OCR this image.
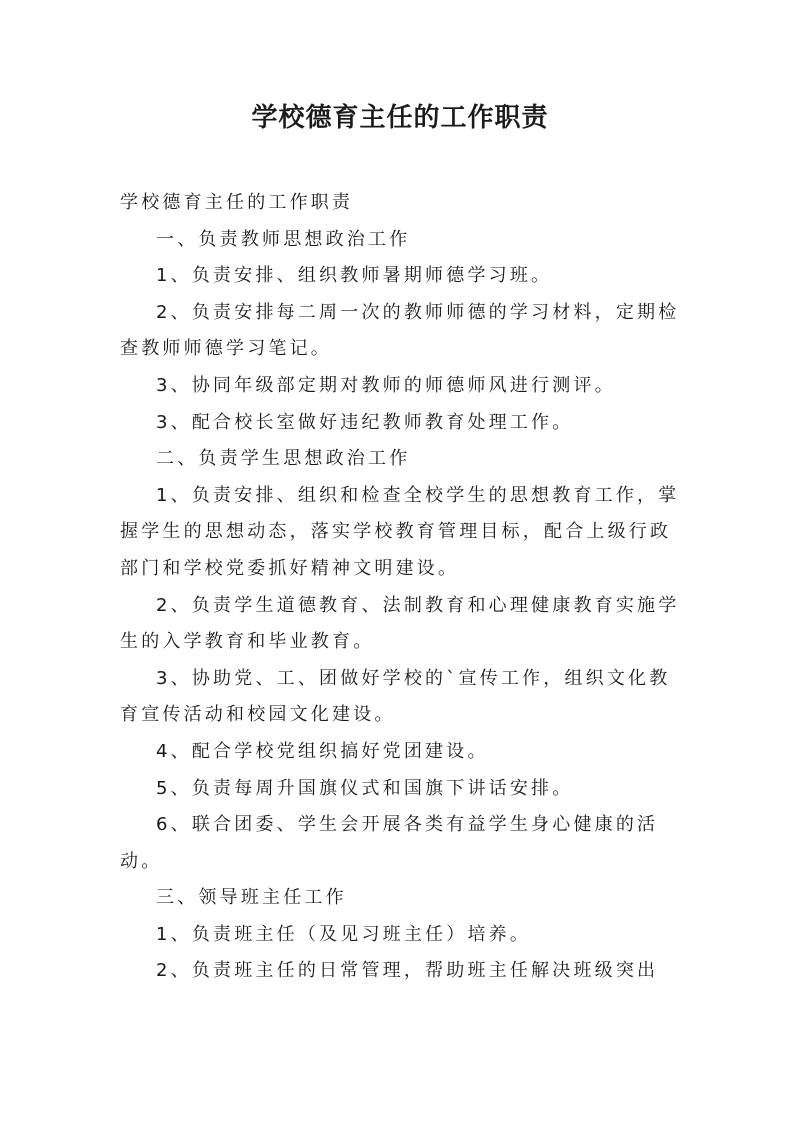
学校德育主任的工作职责

学校德育主任的工作职责

一、负责教师思想政治工作

1、负责安排、组织教师暑期师德学习班。

2、负责安排每二周一次的教师师德的学习材料，定期检查教师师德学习笔记。

3、协同年级部定期对教师的师德师风进行测评。

3、配合校长室做好违纪教师教育处理工作。

二、负责学生思想政治工作

1、负责安排、组织和检查全校学生的思想教育工作，掌握学生的思想动态，落实学校教育管理目标，配合上级行政部门和学校党委抓好精神文明建设。

2、负责学生道德教育、法制教育和心理健康教育实施学生的入学教育和毕业教育。

3、协助党、工、团做好学校的`宣传工作，组织文化教育宣传活动和校园文化建设。

4、配合学校党组织搞好党团建设。

5、负责每周升国旗仪式和国旗下讲话安排。

6、联合团委、学生会开展各类有益学生身心健康的活动。

三、领导班主任工作

1、负责班主任（及见习班主任）培养。

2、负责班主任的日常管理，帮助班主任解决班级突出
